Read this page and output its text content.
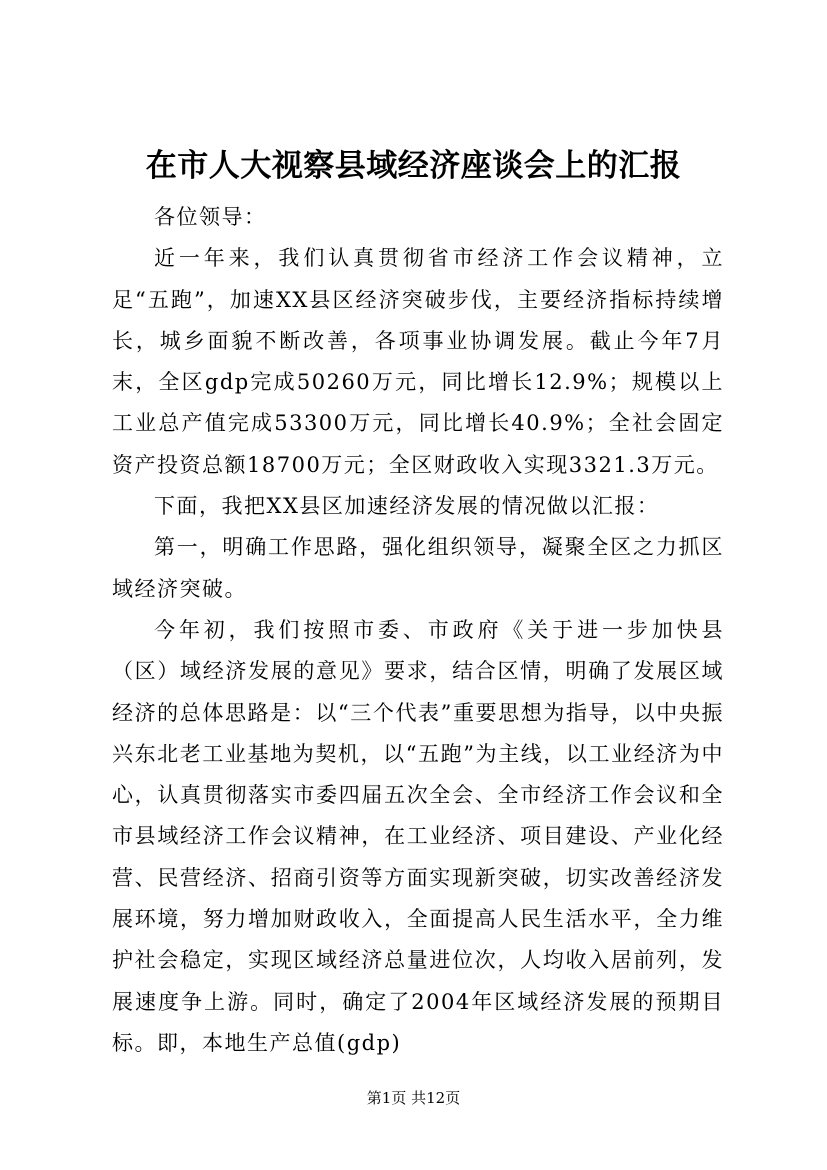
在市人大视察县域经济座谈会上的汇报

各位领导：

近一年来，我们认真贯彻省市经济工作会议精神，立足“五跑”，加速XX县区经济突破步伐，主要经济指标持续增长，城乡面貌不断改善，各项事业协调发展。截止今年7月末，全区gdp完成50260万元，同比增长12.9%；规模以上工业总产值完成53300万元，同比增长40.9%；全社会固定资产投资总额18700万元；全区财政收入实现3321.3万元。

下面，我把XX县区加速经济发展的情况做以汇报：

第一，明确工作思路，强化组织领导，凝聚全区之力抓区域经济突破。

今年初，我们按照市委、市政府《关于进一步加快县（区）域经济发展的意见》要求，结合区情，明确了发展区域经济的总体思路是：以“三个代表”重要思想为指导，以中央振兴东北老工业基地为契机，以“五跑”为主线，以工业经济为中心，认真贯彻落实市委四届五次全会、全市经济工作会议和全市县域经济工作会议精神，在工业经济、项目建设、产业化经营、民营经济、招商引资等方面实现新突破，切实改善经济发展环境，努力增加财政收入，全面提高人民生活水平，全力维护社会稳定，实现区域经济总量进位次，人均收入居前列，发展速度争上游。同时，确定了2004年区域经济发展的预期目标。即，本地生产总值(gdp)

第1页 共12页
